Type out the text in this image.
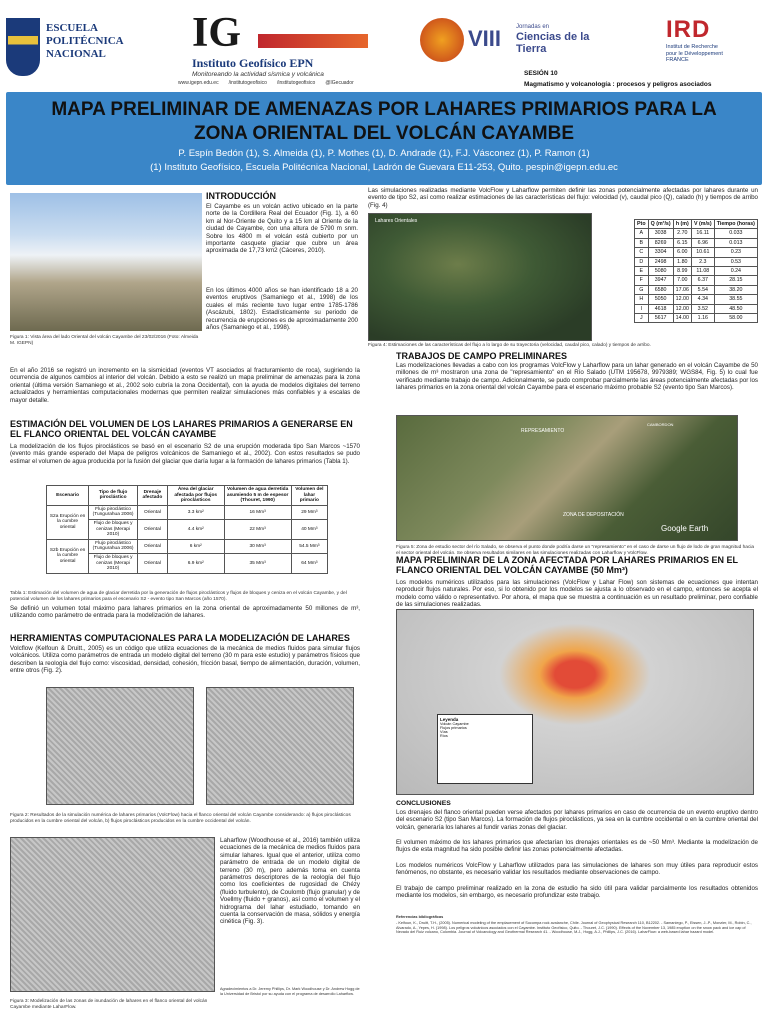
ESCUELA
POLITÉCNICA
NACIONAL	IG
Instituto Geofísico EPN
Monitoreando la actividad sísmica y volcánica
www.igepn.edu.ec /institutogeofisico /institutogeofisico @IGecuador
VIII Jornadas en
Ciencias de la Tierra
SESIÓN 10
Magmatismo y volcanología : procesos y peligros asociados
IRD
Institut de Recherche
pour le Développement
FRANCE
MAPA PRELIMINAR DE AMENAZAS POR LAHARES PRIMARIOS PARA LA
ZONA ORIENTAL DEL VOLCÁN CAYAMBE
P. Espín Bedón (1), S. Almeida (1), P. Mothes (1), D. Andrade (1), F.J. Vásconez (1), P. Ramon (1)
(1) Instituto Geofísico, Escuela Politécnica Nacional, Ladrón de Guevara E11-253, Quito. pespin@igepn.edu.ec
INTRODUCCIÓN
El Cayambe es un volcán activo ubicado en la parte norte de la Cordillera Real del Ecuador (Fig. 1), a 60 km al Nor-Oriente de Quito y a 15 km al Oriente de la ciudad de Cayambe, con una altura de 5790 m snm. Sobre los 4800 m el volcán está cubierto por un importante casquete glaciar que cubre un área aproximada de 17,73 km2 (Cáceres, 2010).
En los últimos 4000 años se han identificado 18 a 20 eventos eruptivos (Samaniego et al., 1998) de los cuales el más reciente tuvo lugar entre 1785-1786 (Ascázubi, 1802). Estadísticamente su periodo de recurrencia de erupciones es de aproximadamente 200 años (Samaniego et al., 1998).
Figura 1: Vista área del lado Oriental del volcán Cayambe del 23/02/2016 (Foto: Almeida M. IGEPN)
En el año 2016 se registró un incremento en la sismicidad (eventos VT asociados al fracturamiento de roca), sugiriendo la ocurrencia de algunos cambios al interior del volcán. Debido a esto se realizó un mapa preliminar de amenazas para la zona oriental (última versión Samaniego et al., 2002 solo cubría la zona Occidental), con la ayuda de modelos digitales del terreno actualizados y herramientas computacionales modernas que permiten realizar simulaciones más confiables y a escalas de mayor detalle.
ESTIMACIÓN DEL VOLUMEN DE LOS LAHARES PRIMARIOS A GENERARSE EN EL FLANCO ORIENTAL DEL VOLCÁN CAYAMBE
La modelización de los flujos piroclásticos se basó en el escenario S2 de una erupción moderada tipo San Marcos ~1570 (evento más grande esperado del Mapa de peligros volcánicos de Samaniego et al., 2002). Con estos resultados se pudo estimar el volumen de agua producida por la fusión del glaciar que daría lugar a la formación de lahares primarios (Tabla 1).
Escenario	Tipo de flujo piroclástico	Drenaje afectado	Área del glaciar afectada por flujos piroclásticos	Volumen de agua derretida asumiendo 5 m de espesor (Thouret, 1990)	Volumen del lahar primario
S2a Erupción en la cumbre oriental	Flujo piroclástico (Tungurahua 2006)	Oriental	3.3 km²	16 Mm³	29 Mm³
	Flujo de bloques y cenizas (Merapi 2010)	Oriental	4.4 km²	22 Mm³	40 Mm³
S2b Erupción en la cumbre oriental	Flujo piroclástico (Tungurahua 2006)	Oriental	6 km²	30 Mm³	54.5 Mm³
	Flujo de bloques y cenizas (Merapi 2010)	Oriental	6.9 km²	35 Mm³	64 Mm³
Tabla 1: Estimación del volumen de agua de glaciar derretida por la generación de flujos piroclásticos y flujos de bloques y ceniza en el volcán Cayambe, y del potencial volumen de los lahares primarios para el escenario S2 - evento tipo San Marcos (año 1570).
Se definió un volumen total máximo para lahares primarios en la zona oriental de aproximadamente 50 millones de m³, utilizando como parámetro de entrada para la modelización de lahares.
HERRAMIENTAS COMPUTACIONALES PARA LA MODELIZACIÓN DE LAHARES
Volcflow (Kelfoun & Druitt., 2005) es un código que utiliza ecuaciones de la mecánica de medios fluidos para simular flujos volcánicos. Utiliza como parámetros de entrada un modelo digital del terreno (30 m para este estudio) y parámetros físicos que describen la reología del flujo como: viscosidad, densidad, cohesión, fricción basal, tiempo de alimentación, duración, volumen, entre otros (Fig. 2).
Figura 2: Resultados de la simulación numérica de lahares primarios (VolcFlow) hacia el flanco oriental del volcán Cayambe considerando: a) flujos piroclásticos producidos en la cumbre oriental del volcán, b) flujos piroclásticos producidos en la cumbre occidental del volcán.
Laharflow (Woodhouse et al., 2016) también utiliza ecuaciones de la mecánica de medios fluidos para simular lahares. Igual que el anterior, utiliza como parámetro de entrada de un modelo digital de terreno (30 m), pero además toma en cuenta parámetros descriptores de la reología del flujo como los coeficientes de rugosidad de Chézy (fluido turbulento), de Coulomb (flujo granular) y de Voellmy (fluido + granos), así como el volumen y el hidrograma del lahar estudiado, tomando en cuenta la conservación de masa, sólidos y energía cinética (Fig. 3).
Figura 3: Modelización de las zonas de inundación de lahares en el flanco oriental del volcán Cayambe mediante LaharFlow.
Agradecimientos a Dr. Jeremy Phillips, Dr. Mark Woodhouse y Dr. Andrew Hogg de la Universidad de Bristol por su ayuda con el programa de desarrollo Laharflow.
Las simulaciones realizadas mediante VolcFlow y Laharflow permiten definir las zonas potencialmente afectadas por lahares durante un evento de tipo S2, así como realizar estimaciones de las características del flujo: velocidad (v), caudal pico (Q), calado (h) y tiempos de arribo (Fig. 4)
Lahares Orientales	Pto	Q (m³/s)	h (m)	V (m/s)	Tiempo (horas)
A	3038	2.70	16.11	0.033
B	8269	6.15	6.96	0.013
C	3304	6.00	10.61	0.23
D	2498	1.80	2.3	0.53
E	5080	8.99	11.08	0.24
F	3947	7.00	6.37	28.15
G	6580	17.06	5.54	38.20
H	5050	12.00	4.34	38.55
I	4618	12.00	3.52	48.50
J	5617	14.00	1.16	58.00
Figura 4: Estimaciones de las características del flujo a lo largo de su trayectoria (velocidad, caudal pico, calado) y tiempos de arribo.
TRABAJOS DE CAMPO PRELIMINARES
Las modelizaciones llevadas a cabo con los programas VolcFlow y Laharflow para un lahar generado en el volcán Cayambe de 50 millones de m³ mostraron una zona de "represamiento" en el Río Salado (UTM 195678, 9979389; WGS84, Fig. 5) lo cual fue verificado mediante trabajo de campo. Adicionalmente, se pudo comprobar parcialmente las áreas potencialmente afectadas por los lahares primarios en la zona oriental del volcán Cayambe para el escenario máximo probable S2 (evento tipo San Marcos).
CAMBORDON
REPRESAMIENTO
ZONA DE DEPOSITACIÓN
Google Earth
Figura 5: Zona de estudio sector del río Salado, se observa el punto donde podría darse un "represamiento" en el caso de darse un flujo de lodo de gran magnitud hacia el sector oriental del volcán. Se observa resultados similares en las simulaciones realizadas con Laharflow y VolcFlow.
MAPA PRELIMINAR DE LA ZONA AFECTADA POR LAHARES PRIMARIOS EN EL FLANCO ORIENTAL DEL VOLCÁN CAYAMBE (50 Mm³)
Los modelos numéricos utilizados para las simulaciones (VolcFlow y Lahar Flow) son sistemas de ecuaciones que intentan reproducir flujos naturales. Por eso, si lo obtenido por los modelos se ajusta a lo observado en el campo, entonces se acepta el modelo como válido o representativo. Por ahora, el mapa que se muestra a continuación es un resultado preliminar, pero confiable de las simulaciones realizadas.
Leyenda
Volcán Cayambe
Flujos primarios
Vías
Ríos
CONCLUSIONES
Los drenajes del flanco oriental pueden verse afectados por lahares primarios en caso de ocurrencia de un evento eruptivo dentro del escenario S2 (tipo San Marcos). La formación de flujos piroclásticos, ya sea en la cumbre occidental o en la cumbre oriental del volcán, generaría los lahares al fundir varias zonas del glaciar.
El volumen máximo de los lahares primarios que afectarían los drenajes orientales es de ~50 Mm³. Mediante la modelización de flujos de esta magnitud ha sido posible definir las zonas potencialmente afectadas.
Los modelos numéricos VolcFlow y Laharflow utilizados para las simulaciones de lahares son muy útiles para reproducir estos fenómenos, no obstante, es necesario validar los resultados mediante observaciones de campo.
El trabajo de campo preliminar realizado en la zona de estudio ha sido útil para validar parcialmente los resultados obtenidos mediante los modelos, sin embargo, es necesario profundizar este trabajo.
Referencias bibliográficas
- Kelfoun, K., Druitt, T.H., (2005). Numerical modeling of the emplacement of Socompa rock avalanche, Chile. Journal of Geophysical Research 110, B12202. - Samaniego, P., Eissen, J.-P., Monzier, M., Robin, C., Alvarado, A., Yepes, H. (1998). Los peligros volcánicos asociados con el Cayambe. Instituto Geofísico, Quito. - Thouret, J.C. (1990). Effects of the November 13, 1985 eruption on the snow pack and ice cap of Nevado del Ruiz volcano, Colombia. Journal of Volcanology and Geothermal Research 41. - Woodhouse, M.J., Hogg, A.J., Phillips, J.C. (2016). LaharFlow: a web-based lahar hazard model.
